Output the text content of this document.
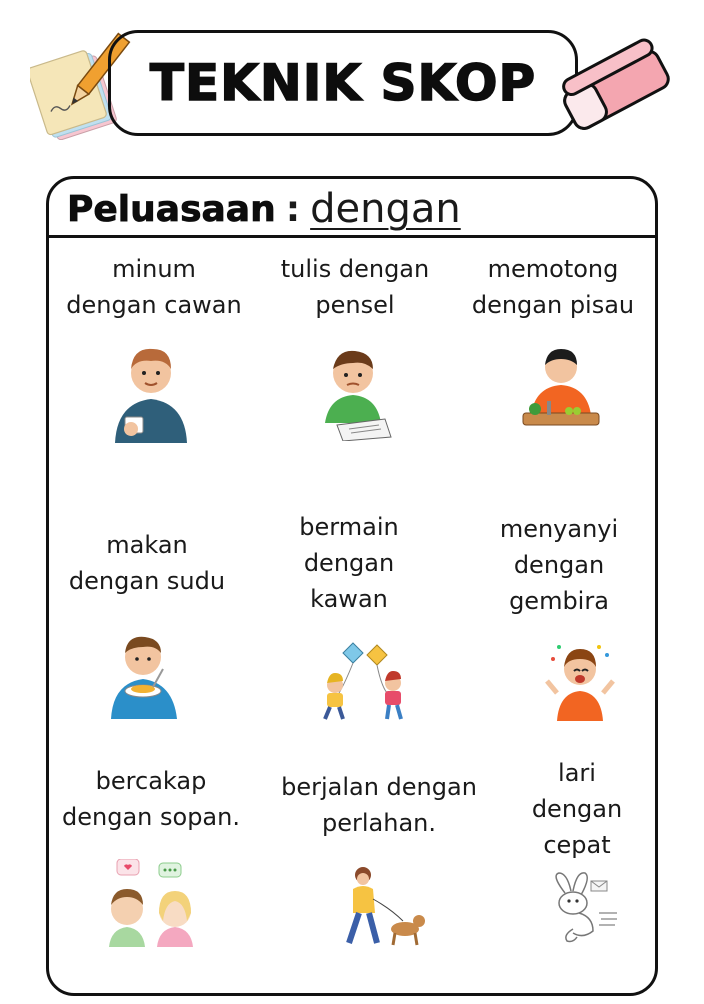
TEKNIK SKOP
Peluasaan : dengan
minum
dengan cawan
tulis dengan
pensel
memotong
dengan pisau
makan
dengan sudu
bermain
dengan
kawan
menyanyi
dengan
gembira
bercakap
dengan sopan.
berjalan dengan
perlahan.
lari
dengan
cepat
